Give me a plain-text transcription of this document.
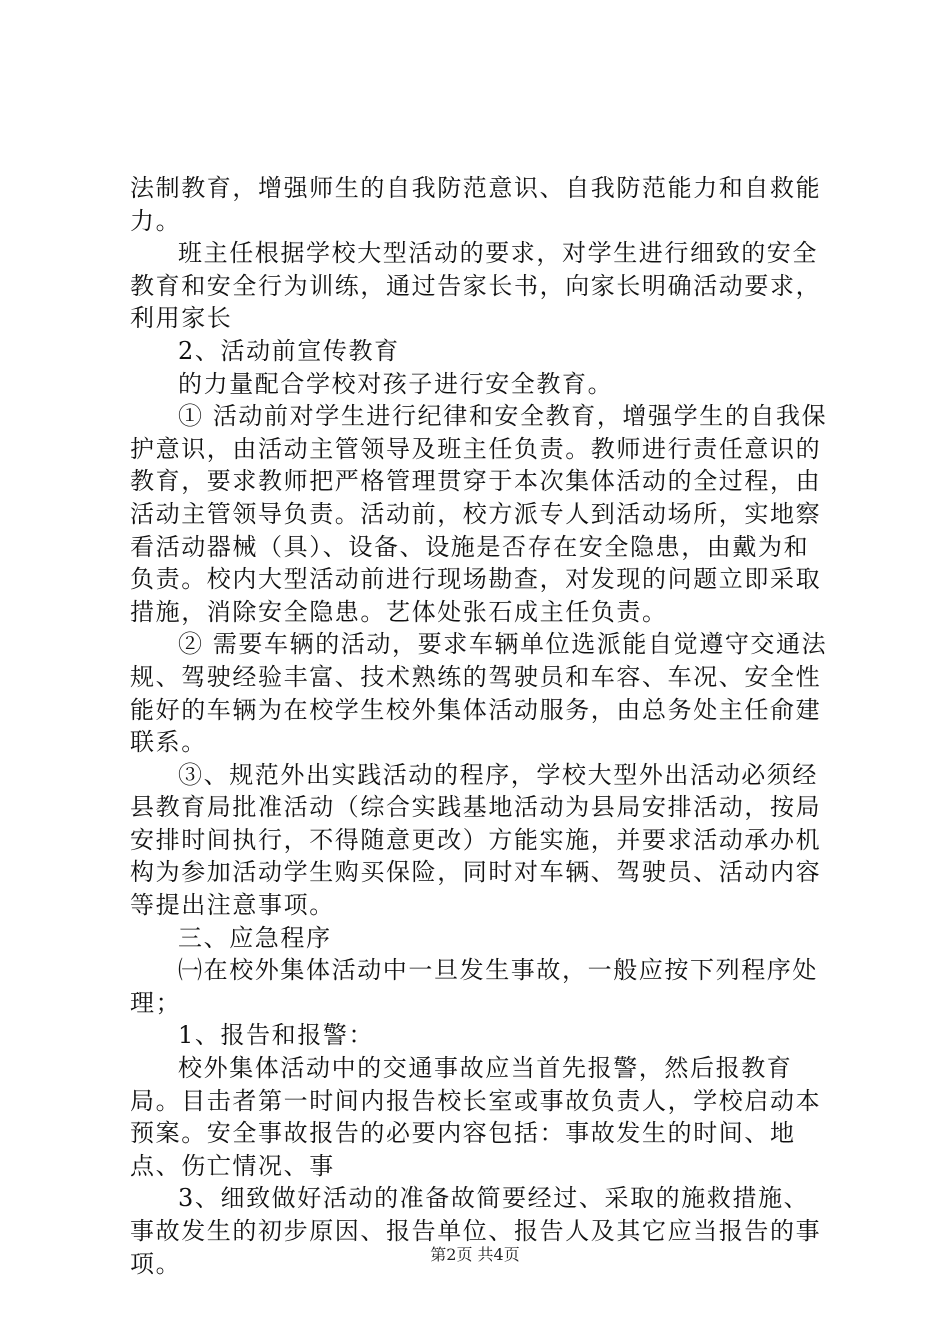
法制教育，增强师生的自我防范意识、自我防范能力和自救能力。

班主任根据学校大型活动的要求，对学生进行细致的安全教育和安全行为训练，通过告家长书，向家长明确活动要求，利用家长

2、活动前宣传教育

的力量配合学校对孩子进行安全教育。

① 活动前对学生进行纪律和安全教育，增强学生的自我保护意识，由活动主管领导及班主任负责。教师进行责任意识的教育，要求教师把严格管理贯穿于本次集体活动的全过程，由活动主管领导负责。活动前，校方派专人到活动场所，实地察看活动器械（具）、设备、设施是否存在安全隐患，由戴为和负责。校内大型活动前进行现场勘查，对发现的问题立即采取措施，消除安全隐患。艺体处张石成主任负责。

② 需要车辆的活动，要求车辆单位选派能自觉遵守交通法规、驾驶经验丰富、技术熟练的驾驶员和车容、车况、安全性能好的车辆为在校学生校外集体活动服务，由总务处主任俞建联系。

③、规范外出实践活动的程序，学校大型外出活动必须经县教育局批准活动（综合实践基地活动为县局安排活动，按局安排时间执行，不得随意更改）方能实施，并要求活动承办机构为参加活动学生购买保险，同时对车辆、驾驶员、活动内容等提出注意事项。

三、应急程序

㈠在校外集体活动中一旦发生事故，一般应按下列程序处理；

1、报告和报警：

校外集体活动中的交通事故应当首先报警，然后报教育局。目击者第一时间内报告校长室或事故负责人，学校启动本预案。安全事故报告的必要内容包括：事故发生的时间、地点、伤亡情况、事

3、细致做好活动的准备故简要经过、采取的施救措施、事故发生的初步原因、报告单位、报告人及其它应当报告的事项。	第2页 共4页
